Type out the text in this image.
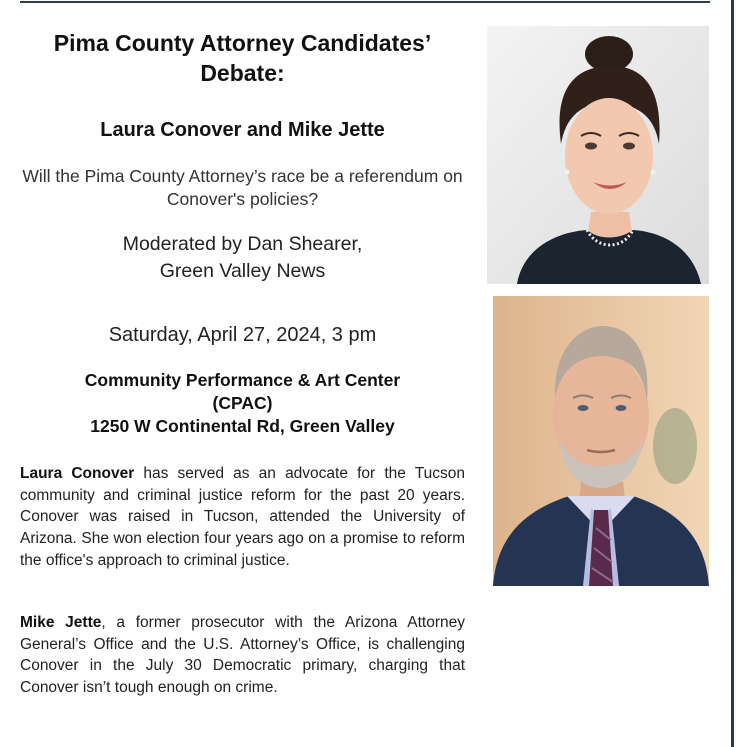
Pima County Attorney Candidates’ Debate:
Laura Conover and Mike Jette

Will the Pima County Attorney’s race be a referendum on Conover's policies?

Moderated by Dan Shearer,
Green Valley News

Saturday, April 27, 2024, 3 pm

Community Performance & Art Center
(CPAC)
1250 W Continental Rd, Green Valley

Laura Conover has served as an advocate for the Tucson community and criminal justice reform for the past 20 years. Conover was raised in Tucson, attended the University of Arizona. She won election four years ago on a promise to reform the office's approach to criminal justice.

Mike Jette, a former prosecutor with the Arizona Attorney General’s Office and the U.S. Attorney’s Office, is challenging Conover in the July 30 Democratic primary, charging that Conover isn’t tough enough on crime.
